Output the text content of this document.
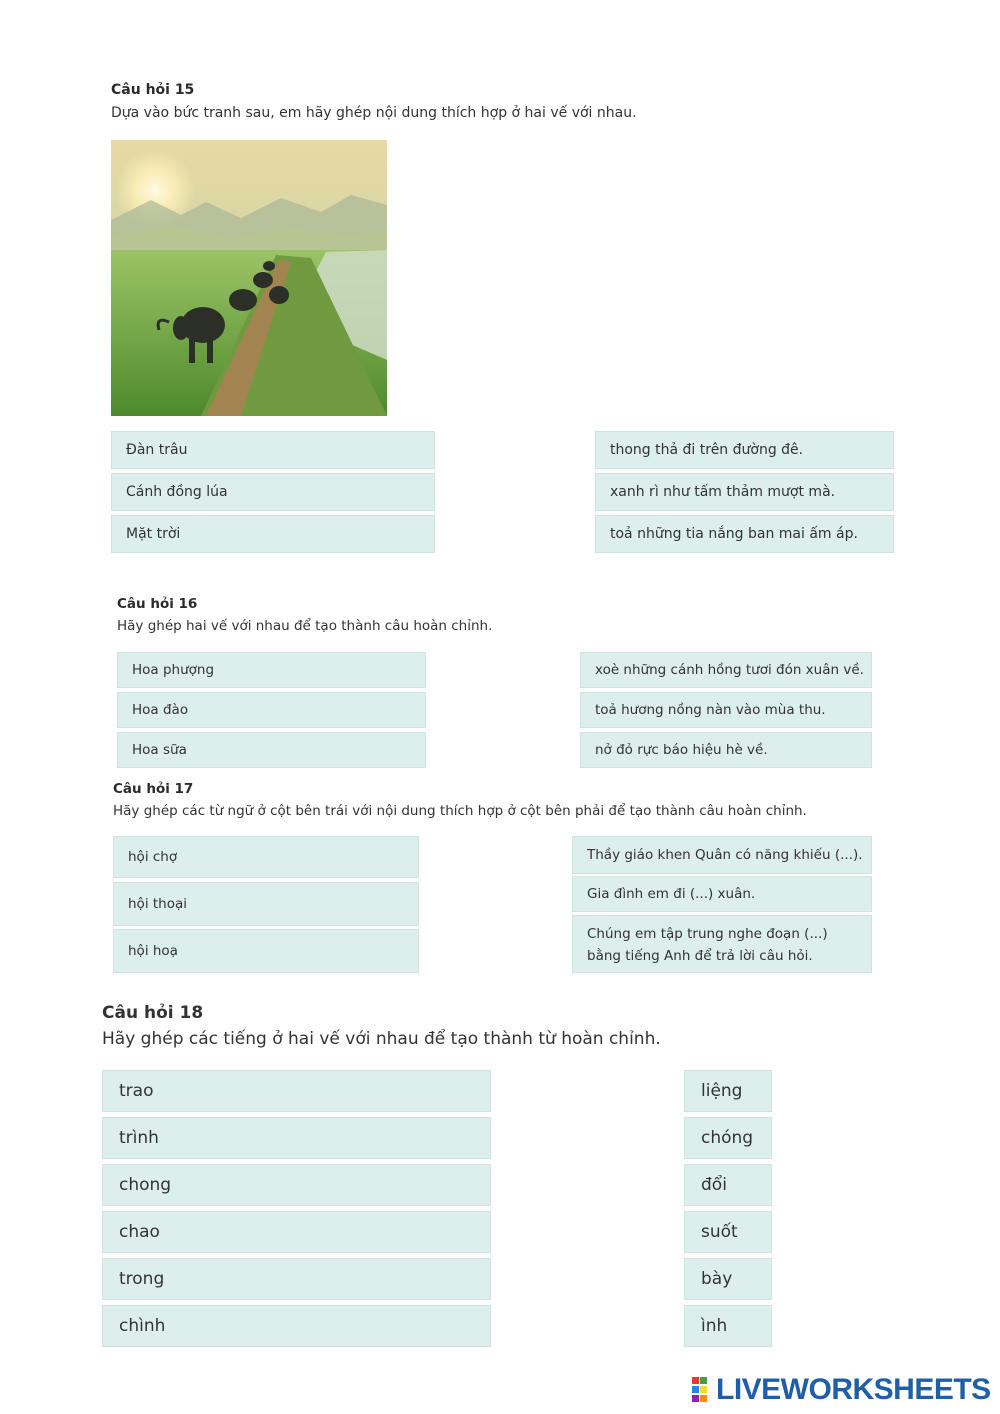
Câu hỏi 15
Dựa vào bức tranh sau, em hãy ghép nội dung thích hợp ở hai vế với nhau.
Đàn trâu
Cánh đồng lúa
Mặt trời
thong thả đi trên đường đê.
xanh rì như tấm thảm mượt mà.
toả những tia nắng ban mai ấm áp.
Câu hỏi 16
Hãy ghép hai vế với nhau để tạo thành câu hoàn chỉnh.
Hoa phượng
Hoa đào
Hoa sữa
xoè những cánh hồng tươi đón xuân về.
toả hương nồng nàn vào mùa thu.
nở đỏ rực báo hiệu hè về.
Câu hỏi 17
Hãy ghép các từ ngữ ở cột bên trái với nội dung thích hợp ở cột bên phải để tạo thành câu hoàn chỉnh.
hội chợ
hội thoại
hội hoạ
Thầy giáo khen Quân có năng khiếu (...).
Gia đình em đi (...) xuân.
Chúng em tập trung nghe đoạn (...) bằng tiếng Anh để trả lời câu hỏi.
Câu hỏi 18
Hãy ghép các tiếng ở hai vế với nhau để tạo thành từ hoàn chỉnh.
trao
trình
chong
chao
trong
chình
liệng
chóng
đổi
suốt
bày
ình
LIVEWORKSHEETS
